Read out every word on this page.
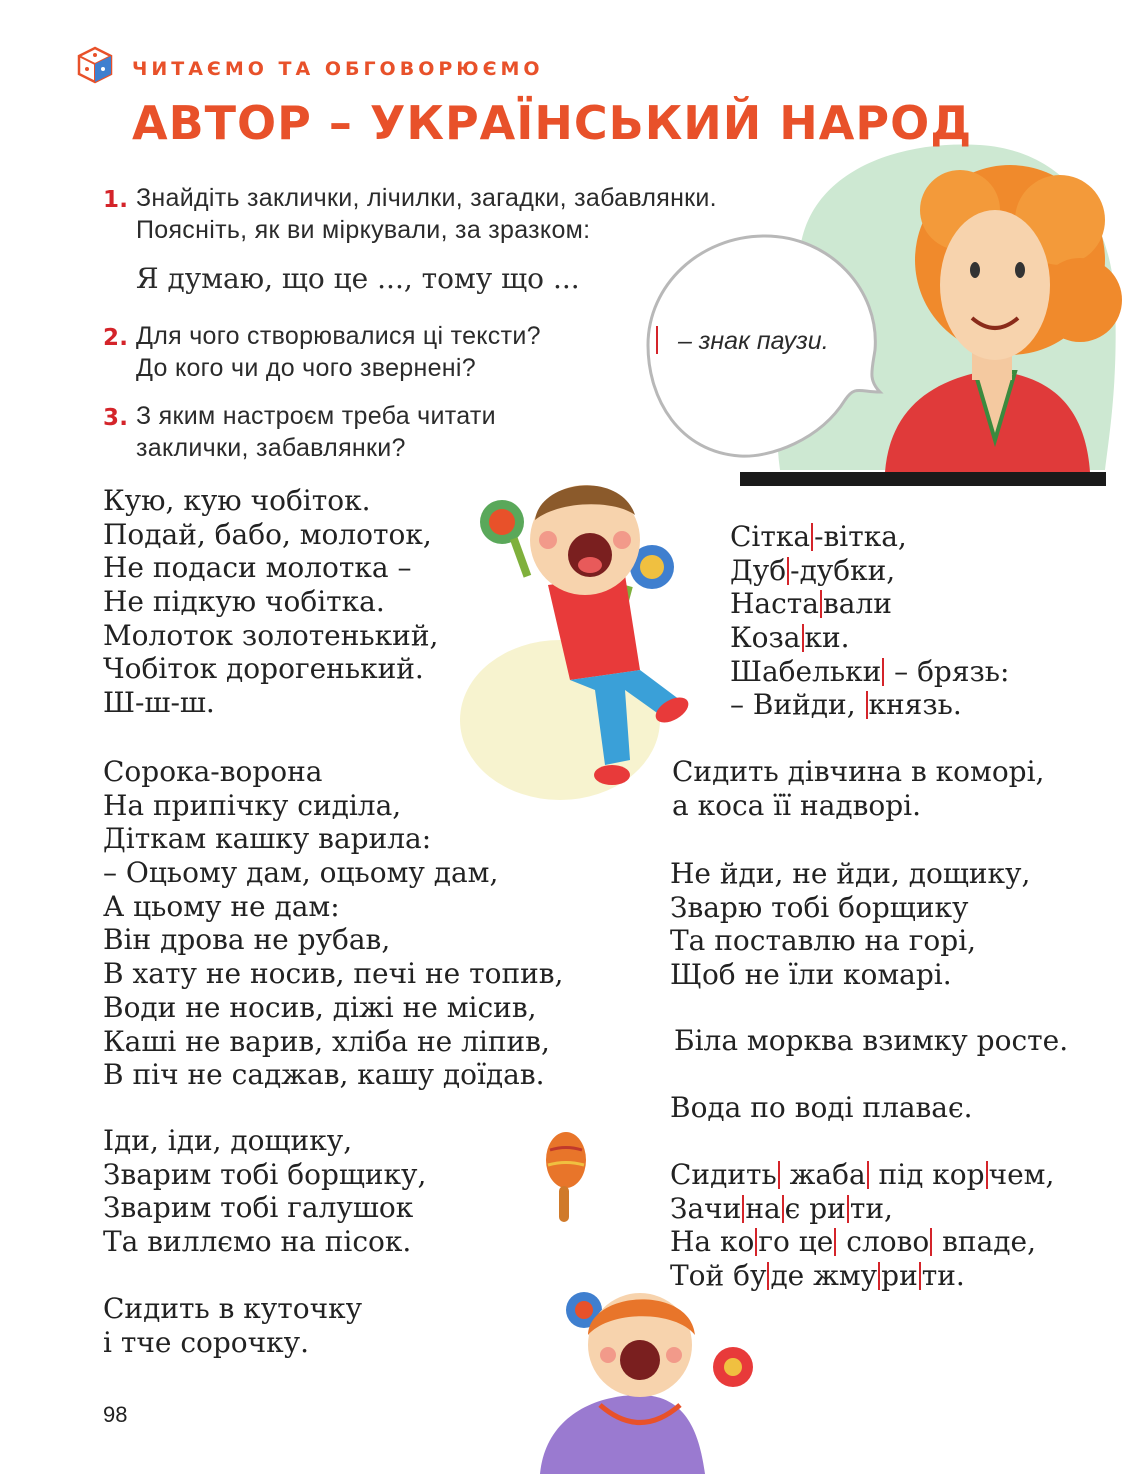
ЧИТАЄМО ТА ОБГОВОРЮЄМО
АВТОР – УКРАЇНСЬКИЙ НАРОД
1. Знайдіть заклички, лічилки, загадки, забавлянки.
Поясніть, як ви міркували, за зразком:
Я думаю, що це ..., тому що ...
2. Для чого створювалися ці тексти?
До кого чи до чого звернені?
3. З яким настроєм треба читати
заклички, забавлянки?
– знак паузи.
Кую, кую чобіток.
Подай, бабо, молоток,
Не подаси молотка –
Не підкую чобітка.
Молоток золотенький,
Чобіток дорогенький.
Ш-ш-ш.
Сітка -вітка,
Дуб -дубки,
Наста вали
Коза ки.
Шабельки – брязь:
– Вийди, князь.
Сорока-ворона
На припічку сиділа,
Діткам кашку варила:
– Оцьому дам, оцьому дам,
А цьому не дам:
Він дрова не рубав,
В хату не носив, печі не топив,
Води не носив, діжі не місив,
Каші не варив, хліба не ліпив,
В піч не саджав, кашу доїдав.
Сидить дівчина в коморі,
а коса її надворі.
Не йди, не йди, дощику,
Зварю тобі борщику
Та поставлю на горі,
Щоб не їли комарі.
Біла морква взимку росте.
Вода по воді плаває.
Іди, іди, дощику,
Зварим тобі борщику,
Зварим тобі галушок
Та виллємо на пісок.
Сидить жаба під кор чем,
Зачи на є ри ти,
На ко го це слово впаде,
Той бу де жму ри ти.
Сидить в куточку
і тче сорочку.
98
